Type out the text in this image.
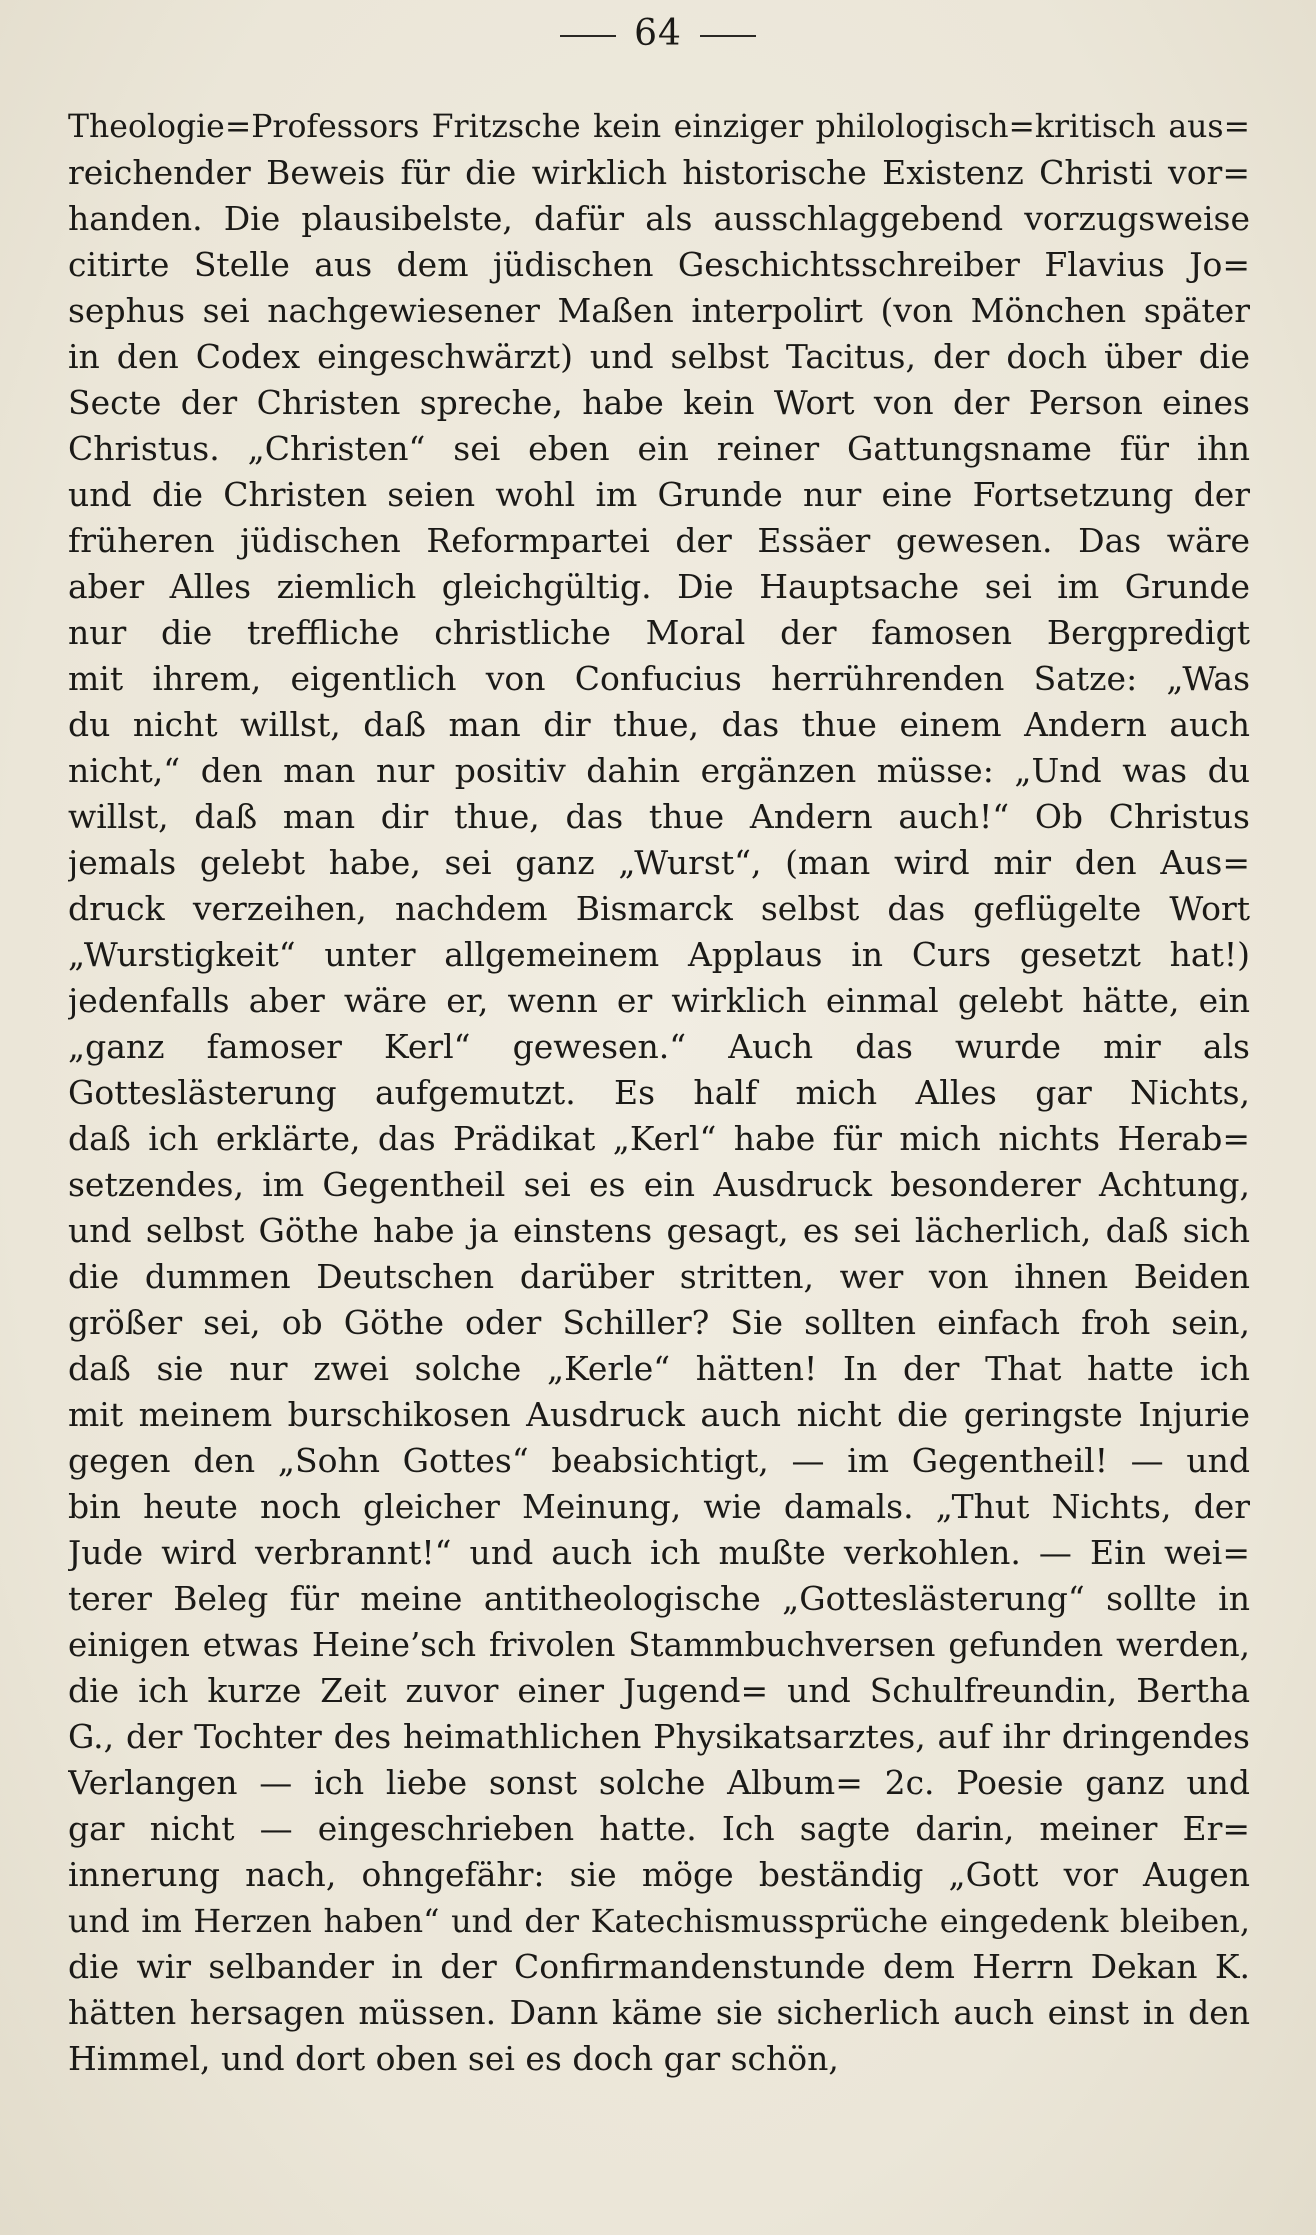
64
Theologie=Professors Fritzsche kein einziger philologisch=kritisch aus=
reichender Beweis für die wirklich historische Existenz Christi vor=
handen. Die plausibelste, dafür als ausschlaggebend vorzugsweise
citirte Stelle aus dem jüdischen Geschichtsschreiber Flavius Jo=
sephus sei nachgewiesener Maßen interpolirt (von Mönchen später
in den Codex eingeschwärzt) und selbst Tacitus, der doch über die
Secte der Christen spreche, habe kein Wort von der Person eines
Christus. „Christen“ sei eben ein reiner Gattungsname für ihn
und die Christen seien wohl im Grunde nur eine Fortsetzung der
früheren jüdischen Reformpartei der Essäer gewesen. Das wäre
aber Alles ziemlich gleichgültig. Die Hauptsache sei im Grunde
nur die treffliche christliche Moral der famosen Bergpredigt
mit ihrem, eigentlich von Confucius herrührenden Satze: „Was
du nicht willst, daß man dir thue, das thue einem Andern auch
nicht,“ den man nur positiv dahin ergänzen müsse: „Und was du
willst, daß man dir thue, das thue Andern auch!“ Ob Christus
jemals gelebt habe, sei ganz „Wurst“, (man wird mir den Aus=
druck verzeihen, nachdem Bismarck selbst das geflügelte Wort
„Wurstigkeit“ unter allgemeinem Applaus in Curs gesetzt hat!)
jedenfalls aber wäre er, wenn er wirklich einmal gelebt hätte, ein
„ganz famoser Kerl“ gewesen.“ Auch das wurde mir als
Gotteslästerung aufgemutzt. Es half mich Alles gar Nichts,
daß ich erklärte, das Prädikat „Kerl“ habe für mich nichts Herab=
setzendes, im Gegentheil sei es ein Ausdruck besonderer Achtung,
und selbst Göthe habe ja einstens gesagt, es sei lächerlich, daß sich
die dummen Deutschen darüber stritten, wer von ihnen Beiden
größer sei, ob Göthe oder Schiller? Sie sollten einfach froh sein,
daß sie nur zwei solche „Kerle“ hätten! In der That hatte ich
mit meinem burschikosen Ausdruck auch nicht die geringste Injurie
gegen den „Sohn Gottes“ beabsichtigt, — im Gegentheil! — und
bin heute noch gleicher Meinung, wie damals. „Thut Nichts, der
Jude wird verbrannt!“ und auch ich mußte verkohlen. — Ein wei=
terer Beleg für meine antitheologische „Gotteslästerung“ sollte in
einigen etwas Heine’sch frivolen Stammbuchversen gefunden werden,
die ich kurze Zeit zuvor einer Jugend= und Schulfreundin, Bertha
G., der Tochter des heimathlichen Physikatsarztes, auf ihr dringendes
Verlangen — ich liebe sonst solche Album= 2c. Poesie ganz und
gar nicht — eingeschrieben hatte. Ich sagte darin, meiner Er=
innerung nach, ohngefähr: sie möge beständig „Gott vor Augen
und im Herzen haben“ und der Katechismussprüche eingedenk bleiben,
die wir selbander in der Confirmandenstunde dem Herrn Dekan K.
hätten hersagen müssen. Dann käme sie sicherlich auch einst in den
Himmel, und dort oben sei es doch gar schön,
